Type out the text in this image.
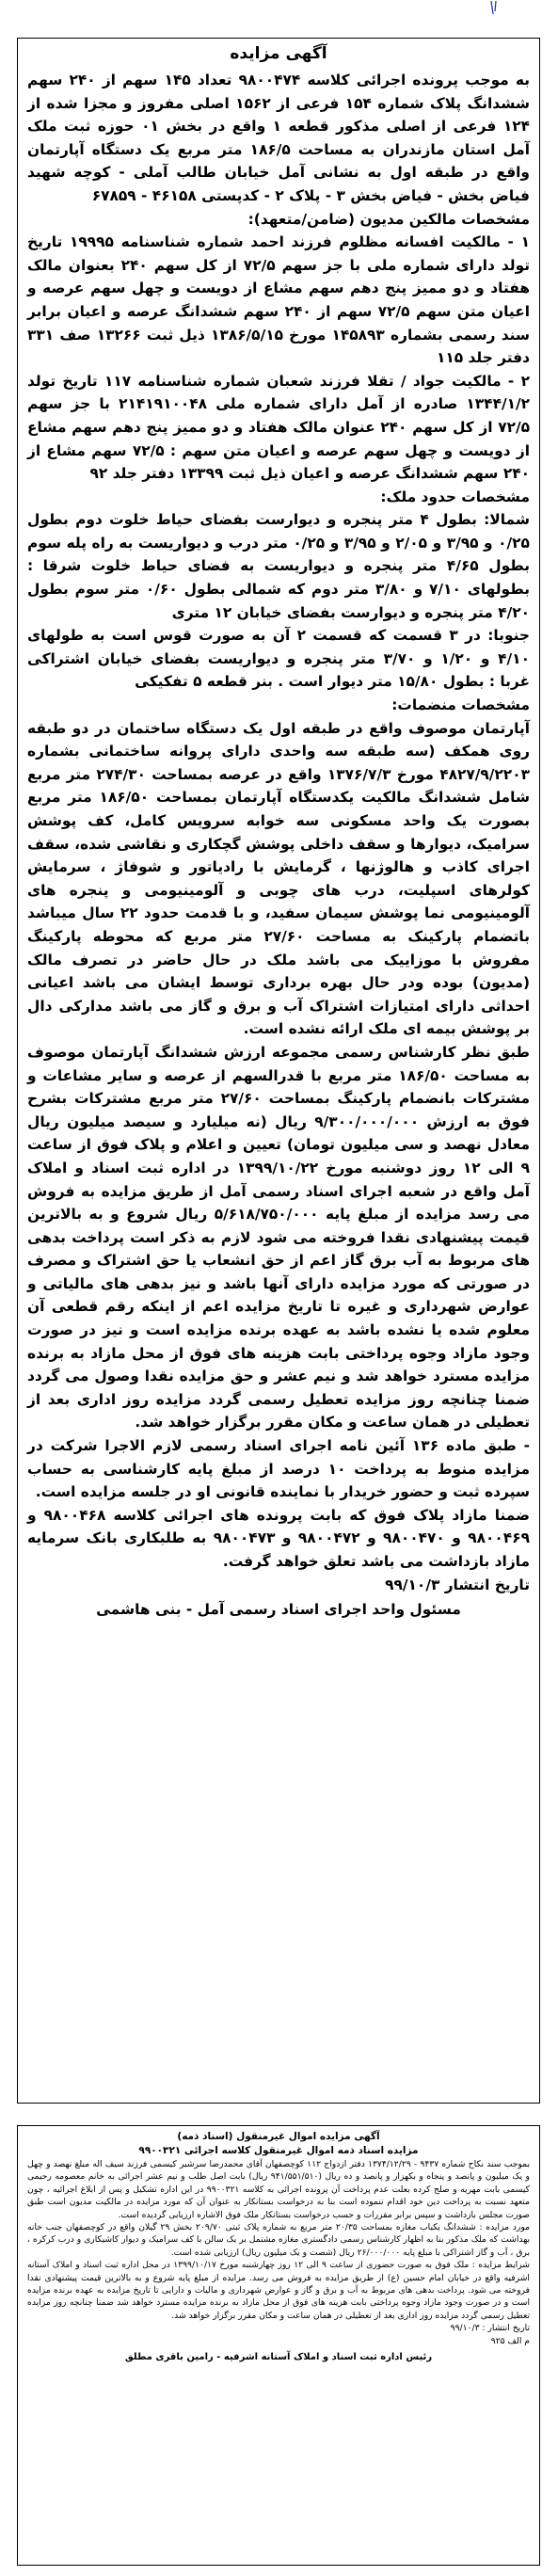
آگهی مزایده

به موجب پرونده اجرائی کلاسه ۹۸۰۰۴۷۴ تعداد ۱۴۵ سهم از ۲۴۰ سهم ششدانگ پلاک شماره ۱۵۴ فرعی از ۱۵۶۲ اصلی مفروز و مجزا شده از ۱۲۴ فرعی از اصلی مذکور قطعه ۱ واقع در بخش ۰۱ حوزه ثبت ملک آمل استان مازندران به مساحت ۱۸۶/۵ متر مربع یک دستگاه آپارتمان واقع در طبقه اول به نشانی آمل خیابان طالب آملی - کوچه شهید فیاض بخش - فیاض بخش ۳ - پلاک ۲ - کدپستی ۴۶۱۵۸ - ۶۷۸۵۹

مشخصات مالکین مدیون (ضامن/متعهد):

۱ - مالکیت افسانه مظلوم فرزند احمد شماره شناسنامه ۱۹۹۹۵ تاریخ تولد دارای شماره ملی با جز سهم ۷۲/۵ از کل سهم ۲۴۰ بعنوان مالک هفتاد و دو ممیز پنج دهم سهم مشاع از دویست و چهل سهم عرصه و اعیان متن سهم ۷۲/۵ سهم از ۲۴۰ سهم ششدانگ عرصه و اعیان برابر سند رسمی بشماره ۱۴۵۸۹۳ مورخ ۱۳۸۶/۵/۱۵ ذیل ثبت ۱۳۲۶۶ صف ۳۳۱ دفتر جلد ۱۱۵

۲ - مالکیت جواد / تقلا فرزند شعبان شماره شناسنامه ۱۱۷ تاریخ تولد ۱۳۴۴/۱/۲ صادره از آمل دارای شماره ملی ۲۱۴۱۹۱۰۰۴۸ با جز سهم ۷۲/۵ از کل سهم ۲۴۰ عنوان مالک هفتاد و دو ممیز پنج دهم سهم مشاع از دویست و چهل سهم عرصه و اعیان متن سهم : ۷۲/۵ سهم مشاع از ۲۴۰ سهم ششدانگ عرصه و اعیان ذیل ثبت ۱۳۳۹۹ دفتر جلد ۹۲

مشخصات حدود ملک:

شمالا: بطول ۴ متر پنجره و دیوارست بفضای حیاط خلوت دوم بطول ۰/۲۵ و ۳/۹۵ و ۲/۰۵ و ۳/۹۵ و ۰/۲۵ متر درب و دیواریست به راه پله سوم بطول ۴/۶۵ متر پنجره و دیواریست به فضای حیاط خلوت شرقا : بطولهای ۷/۱۰ و ۳/۸۰ متر دوم که شمالی بطول ۰/۶۰ متر سوم بطول ۴/۲۰ متر پنجره و دیوارست بفضای خیابان ۱۲ متری

جنوبا: در ۳ قسمت که قسمت ۲ آن به صورت قوس است به طولهای ۴/۱۰ و ۱/۲۰ و ۳/۷۰ متر پنجره و دیواریست بفضای خیابان اشتراکی غربا : بطول ۱۵/۸۰ متر دیوار است . بنر قطعه ۵ تفکیکی

مشخصات منضمات:

آپارتمان موصوف واقع در طبقه اول یک دستگاه ساختمان در دو طبقه روی همکف (سه طبقه سه واحدی دارای پروانه ساختمانی بشماره ۴۸۲۷/۹/۲۲۰۳ مورخ ۱۳۷۶/۷/۳ واقع در عرصه بمساحت ۲۷۴/۳۰ متر مربع شامل ششدانگ مالکیت یکدستگاه آپارتمان بمساحت ۱۸۶/۵۰ متر مربع بصورت یک واحد مسکونی سه خوابه سرویس کامل، کف پوشش سرامیک، دیوارها و سقف داخلی پوشش گچکاری و نقاشی شده، سقف اجرای کاذب و هالوژنها ، گرمایش با رادیاتور و شوفاژ ، سرمایش کولرهای اسپلیت، درب های چوبی و آلومینیومی و پنجره های آلومینیومی نما پوشش سیمان سفید، و با قدمت حدود ۲۲ سال میباشد باتضمام پارکینک به مساحت ۲۷/۶۰ متر مربع که محوطه پارکینگ مفروش با موزاییک می باشد ملک در حال حاضر در تصرف مالک (مدیون) بوده ودر حال بهره برداری توسط ایشان می باشد اعیانی احداثی دارای امتیازات اشتراک آب و برق و گاز می باشد مدارکی دال بر پوشش بیمه ای ملک ارائه نشده است.

طبق نظر کارشناس رسمی مجموعه ارزش ششدانگ آپارتمان موصوف به مساحت ۱۸۶/۵۰ متر مربع با قدرالسهم از عرصه و سایر مشاعات و مشترکات بانضمام پارکینگ بمساحت ۲۷/۶۰ متر مربع مشترکات بشرح فوق به ارزش ۹/۳۰۰/۰۰۰/۰۰۰ ریال (نه میلیارد و سیصد میلیون ریال معادل نهصد و سی میلیون تومان) تعیین و اعلام و پلاک فوق از ساعت ۹ الی ۱۲ روز دوشنبه مورخ ۱۳۹۹/۱۰/۲۲ در اداره ثبت اسناد و املاک آمل واقع در شعبه اجرای اسناد رسمی آمل از طریق مزایده به فروش می رسد مزایده از مبلغ پایه ۵/۶۱۸/۷۵۰/۰۰۰ ریال شروع و به بالاترین قیمت پیشنهادی نقدا فروخته می شود لازم به ذکر است پرداخت بدهی های مربوط به آب برق گاز اعم از حق انشعاب یا حق اشتراک و مصرف در صورتی که مورد مزایده دارای آنها باشد و نیز بدهی های مالیاتی و عوارض شهرداری و غیره تا تاریخ مزایده اعم از اینکه رقم قطعی آن معلوم شده یا نشده باشد به عهده برنده مزایده است و نیز در صورت وجود مازاد وجوه پرداختی بابت هزینه های فوق از محل مازاد به برنده مزایده مسترد خواهد شد و نیم عشر و حق مزایده نقدا وصول می گردد ضمنا چنانچه روز مزایده تعطیل رسمی گردد مزایده روز اداری بعد از تعطیلی در همان ساعت و مکان مقرر برگزار خواهد شد.

- طبق ماده ۱۳۶ آئین نامه اجرای اسناد رسمی لازم الاجرا شرکت در مزایده منوط به پرداخت ۱۰ درصد از مبلغ پایه کارشناسی به حساب سپرده ثبت و حضور خریدار با نماینده قانونی او در جلسه مزایده است.

ضمنا مازاد پلاک فوق که بابت پرونده های اجرائی کلاسه ۹۸۰۰۴۶۸ و ۹۸۰۰۴۶۹ و ۹۸۰۰۴۷۰ و ۹۸۰۰۴۷۲ و ۹۸۰۰۴۷۳ به طلبکاری بانک سرمایه مازاد بازداشت می باشد تعلق خواهد گرفت.

تاریخ انتشار ۹۹/۱۰/۳

مسئول واحد اجرای اسناد رسمی آمل - بنی هاشمی
آگهی مزایده اموال غیرمنقول (اسناد ذمه)
مزایده اسناد ذمه اموال غیرمنقول کلاسه اجرائی ۹۹۰۰۳۲۱

بموجب سند نکاح شماره ۹۴۳۷ - ۱۳۷۴/۱۲/۲۹ دفتر ازدواج ۱۱۲ کوچصفهان آقای محمدرضا سرشبر کیسمی فرزند سیف اله مبلغ نهصد و چهل و یک میلیون و پانصد و پنجاه و بکهزار و پانصد و ده ریال (۹۴۱/۵۵۱/۵۱۰ ریال) بابت اصل طلب و نیم عشر اجرائی به خانم معصومه رحیمی کیسمی بابت مهریه و صلح کرده بعلت عدم پرداخت آن پرونده اجرائی به کلاسه ۹۹۰۰۳۲۱ در این اداره تشکیل و پس از ابلاغ اجرائیه ، چون متعهد نسبت به پرداخت دین خود اقدام ننموده است بنا به درخواست بستانکار به عنوان آن که مورد مزایده در مالکیت مدیون است طبق صورت مجلس بازداشت و سپس برابر مقررات و حسب درخواست بستانکار ملک فوق الاشاره ارزیابی گردیده است.

مورد مزایده : ششدانگ یکباب مغازه بمساحت ۲۰/۳۵ متر مربع به شماره پلاک ثبتی ۲۰۹/۷۰ بخش ۲۹ گیلان واقع در کوچصفهان جنب خانه بهداشت که ملک مذکور بنا به اظهار کارشناس رسمی دادگستری مغازه مشتمل بر یک سالن با کف سرامیک و دیوار کاشیکاری و درب کرکره ، برق ، آب و گاز اشتراکی با مبلغ پایه ۲۶/۰۰۰/۰۰۰ ریال (شصت و یک میلیون ریال) ارزیابی شده است.

شرایط مزایده : ملک فوق به صورت حضوری از ساعت ۹ الی ۱۲ روز چهارشنبه مورخ ۱۳۹۹/۱۰/۱۷ در محل اداره ثبت اسناد و املاک آستانه اشرفیه واقع در خیابان امام حسین (ع) از طریق مزایده به فروش می رسد. مزایده از مبلغ پایه شروع و به بالاترین قیمت پیشنهادی نقدا فروخته می شود. پرداخت بدهی های مربوط به آب و برق و گاز و عوارض شهرداری و مالیات و دارایی تا تاریخ مزایده به عهده برنده مزایده است و در صورت وجود مازاد وجوه پرداختی بابت هزینه های فوق از محل مازاد به برنده مزایده مسترد خواهد شد ضمنا چنانچه روز مزایده تعطیل رسمی گردد مزایده روز اداری بعد از تعطیلی در همان ساعت و مکان مقرر برگزار خواهد شد.

تاریخ انتشار : ۹۹/۱۰/۳

م الف ۹۲۵

رئیس اداره ثبت اسناد و املاک آستانه اشرفیه - رامین باقری مطلق
